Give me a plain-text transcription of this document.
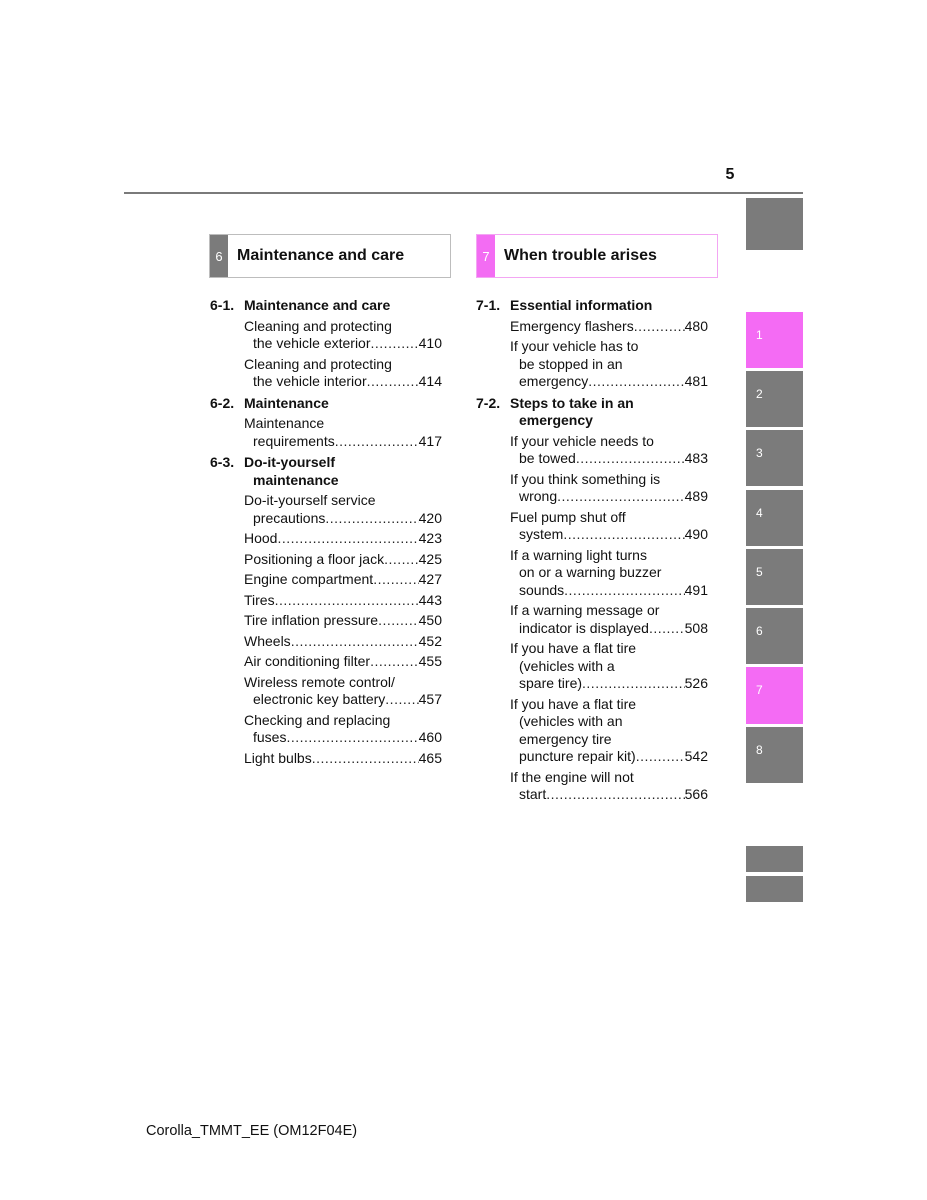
5
6 Maintenance and care	7 When trouble arises
6-1. Maintenance and care
Cleaning and protecting
the vehicle exterior .....	410
Cleaning and protecting
the vehicle interior .....	414
6-2. Maintenance
Maintenance
requirements .....	417
6-3. Do-it-yourself
maintenance
Do-it-yourself service
precautions .....	420
Hood .....	423
Positioning a floor jack ..... 425
Engine compartment .....	427
Tires .....	443
Tire inflation pressure .....	450
Wheels .....	452
Air conditioning filter .....	455
Wireless remote control/
electronic key battery ..... 457
Checking and replacing
fuses .....	460
Light bulbs .....	465
7-1. Essential information
Emergency flashers .....	480
If your vehicle has to
be stopped in an
emergency .....	481
7-2. Steps to take in an
emergency
If your vehicle needs to
be towed .....	483
If you think something is
wrong .....	489
Fuel pump shut off
system .....	490
If a warning light turns
on or a warning buzzer
sounds .....	491
If a warning message or
indicator is displayed .....	508
If you have a flat tire
(vehicles with a
spare tire) .....	526
If you have a flat tire
(vehicles with an
emergency tire
puncture repair kit) .....	542
If the engine will not
start .....	566
1
2
3
4
5
6
7
8
Corolla_TMMT_EE (OM12F04E)
